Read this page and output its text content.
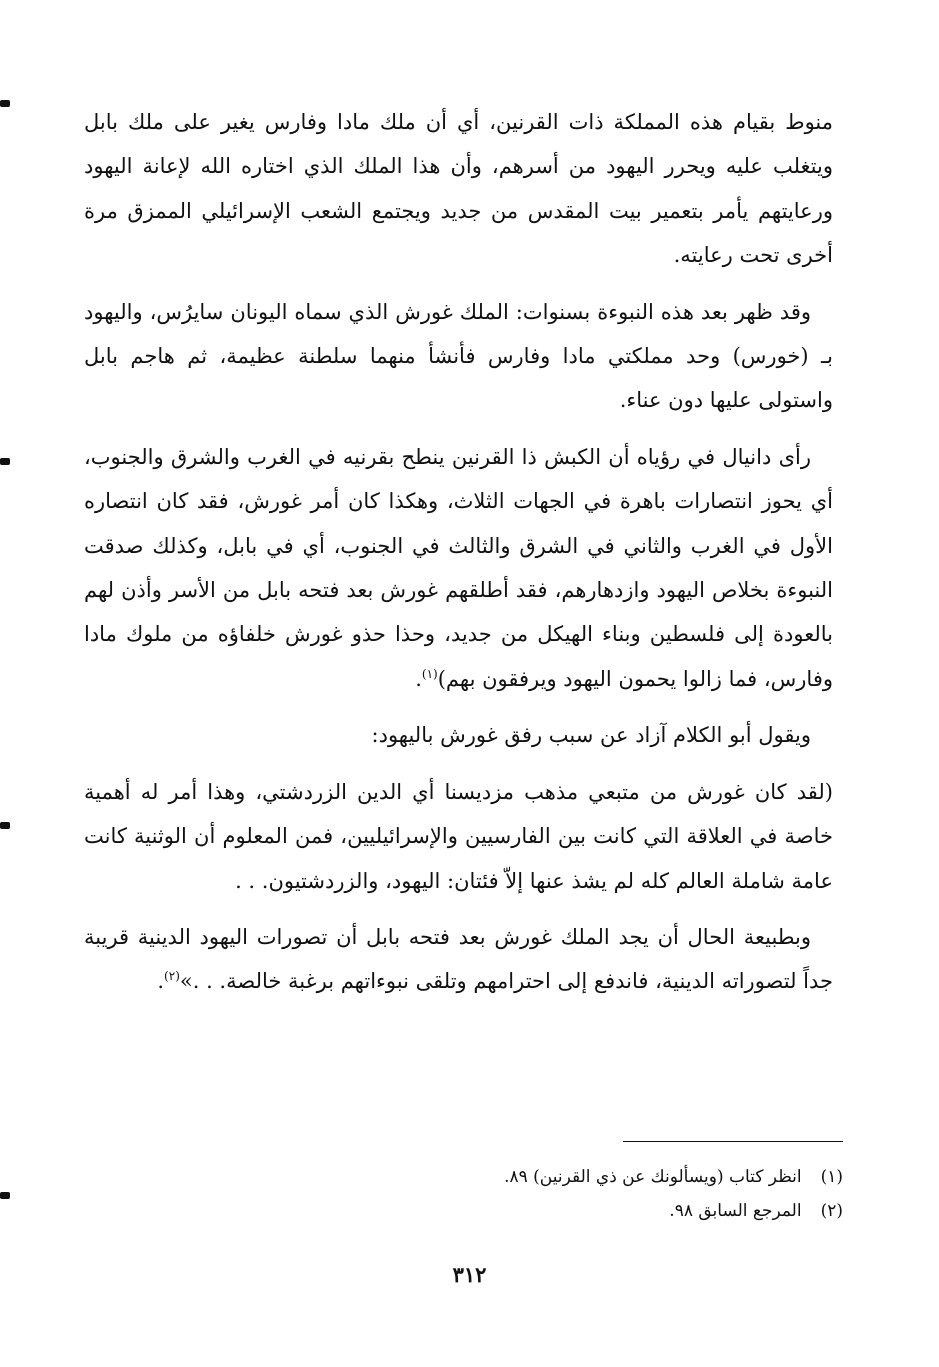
منوط بقيام هذه المملكة ذات القرنين، أي أن ملك مادا وفارس يغير على ملك بابل ويتغلب عليه ويحرر اليهود من أسرهم، وأن هذا الملك الذي اختاره الله لإعانة اليهود ورعايتهم يأمر بتعمير بيت المقدس من جديد ويجتمع الشعب الإسرائيلي الممزق مرة أخرى تحت رعايته.

وقد ظهر بعد هذه النبوءة بسنوات: الملك غورش الذي سماه اليونان سايرُس، واليهود بـ (خورس) وحد مملكتي مادا وفارس فأنشأ منهما سلطنة عظيمة، ثم هاجم بابل واستولى عليها دون عناء.

رأى دانيال في رؤياه أن الكبش ذا القرنين ينطح بقرنيه في الغرب والشرق والجنوب، أي يحوز انتصارات باهرة في الجهات الثلاث، وهكذا كان أمر غورش، فقد كان انتصاره الأول في الغرب والثاني في الشرق والثالث في الجنوب، أي في بابل، وكذلك صدقت النبوءة بخلاص اليهود وازدهارهم، فقد أطلقهم غورش بعد فتحه بابل من الأسر وأذن لهم بالعودة إلى فلسطين وبناء الهيكل من جديد، وحذا حذو غورش خلفاؤه من ملوك مادا وفارس، فما زالوا يحمون اليهود ويرفقون بهم)$^{(١)}$.

ويقول أبو الكلام آزاد عن سبب رفق غورش باليهود:

(لقد كان غورش من متبعي مذهب مزديسنا أي الدين الزردشتي، وهذا أمر له أهمية خاصة في العلاقة التي كانت بين الفارسيين والإسرائيليين، فمن المعلوم أن الوثنية كانت عامة شاملة العالم كله لم يشذ عنها إلاّ فئتان: اليهود، والزردشتيون. . .

وبطبيعة الحال أن يجد الملك غورش بعد فتحه بابل أن تصورات اليهود الدينية قريبة جداً لتصوراته الدينية، فاندفع إلى احترامهم وتلقى نبوءاتهم برغبة خالصة. . .»$^{(٢)}$.

(١) انظر كتاب (ويسألونك عن ذي القرنين) ٨٩.

(٢) المرجع السابق ٩٨.

٣١٢
